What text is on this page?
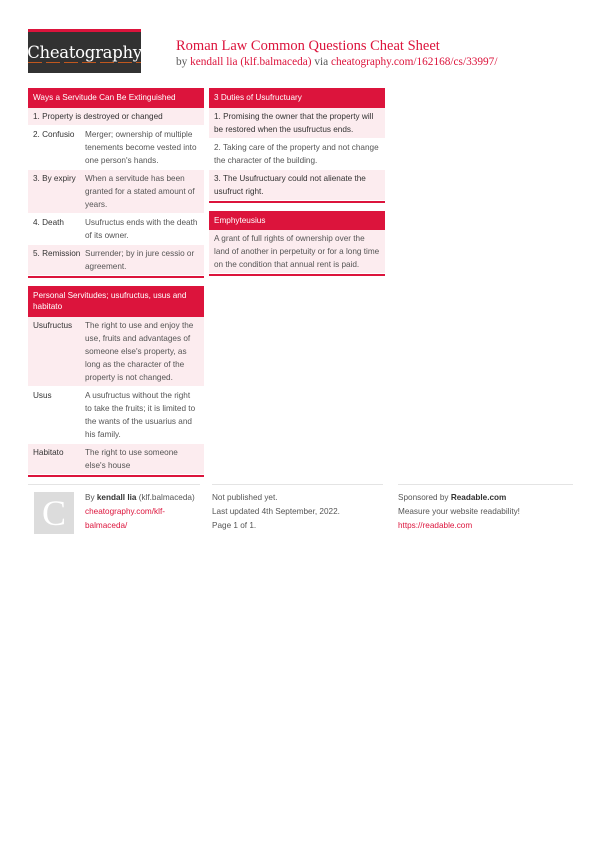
Cheatography Roman Law Common Questions Cheat Sheet
by kendall lia (klf.balmaceda) via cheatography.com/162168/cs/33997/
Ways a Servitude Can Be Extinguished
1. Property is destroyed or changed
2. Confusio	Merger; ownership of multiple tenements become vested into one person's hands.
3. By expiry	When a servitude has been granted for a stated amount of years.
4. Death	Usufructus ends with the death of its owner.
5. Remission Surrender; by in jure cessio or agreement.
Personal Servitudes; usufructus, usus and habitato
Usufructus	The right to use and enjoy the use, fruits and advantages of someone else's property, as long as the character of the property is not changed.
Usus	A usufructus without the right to take the fruits; it is limited to the wants of the usuarius and his family.
Habitato	The right to use someone else's house
3 Duties of Usufructuary
1. Promising the owner that the property will be restored when the usufructus ends.
2. Taking care of the property and not change the character of the building.
3. The Usufructuary could not alienate the usufruct right.
Emphyteusius
A grant of full rights of ownership over the land of another in perpetuity or for a long time on the condition that annual rent is paid.
C By kendall lia (klf.balmaceda)
cheatography.com/klf-
balmaceda/
Not published yet.
Last updated 4th September, 2022.
Page 1 of 1.
Sponsored by Readable.com
Measure your website readability!
https://readable.com
